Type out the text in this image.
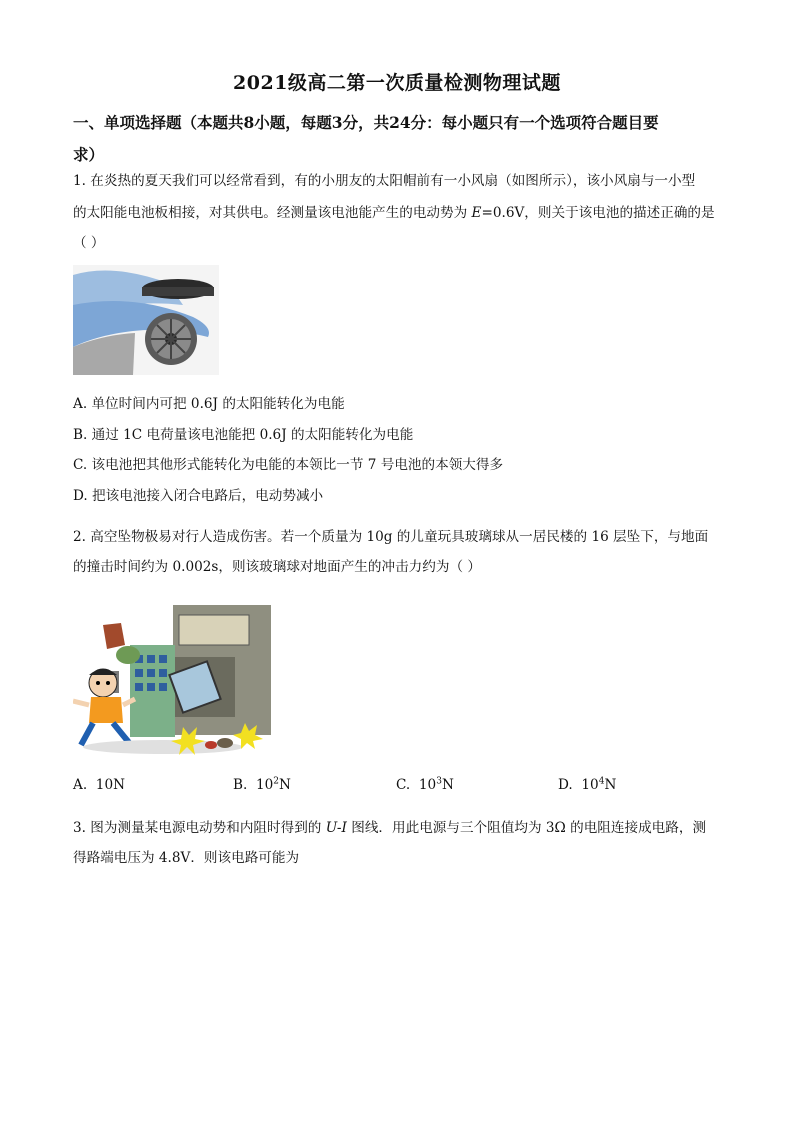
2021级高二第一次质量检测物理试题
一、单项选择题（本题共8小题，每题3分，共24分：每小题只有一个选项符合题目要
求）
1. 在炎热的夏天我们可以经常看到，有的小朋友的太阳帽前有一小风扇（如图所示），该小风扇与一小型
的太阳能电池板相接，对其供电。经测量该电池能产生的电动势为 E=0.6V，则关于该电池的描述正确的是
（ ）
A. 单位时间内可把 0.6J 的太阳能转化为电能
B. 通过 1C 电荷量该电池能把 0.6J 的太阳能转化为电能
C. 该电池把其他形式能转化为电能的本领比一节 7 号电池的本领大得多
D. 把该电池接入闭合电路后，电动势减小
2. 高空坠物极易对行人造成伤害。若一个质量为 10g 的儿童玩具玻璃球从一居民楼的 16 层坠下，与地面
的撞击时间约为 0.002s，则该玻璃球对地面产生的冲击力约为（ ）
A. 10N	B. $10^2N$	C. $10^3N$	D. $10^4N$
3. 图为测量某电源电动势和内阻时得到的 U-I 图线．用此电源与三个阻值均为 3Ω 的电阻连接成电路，测
得路端电压为 4.8V．则该电路可能为
